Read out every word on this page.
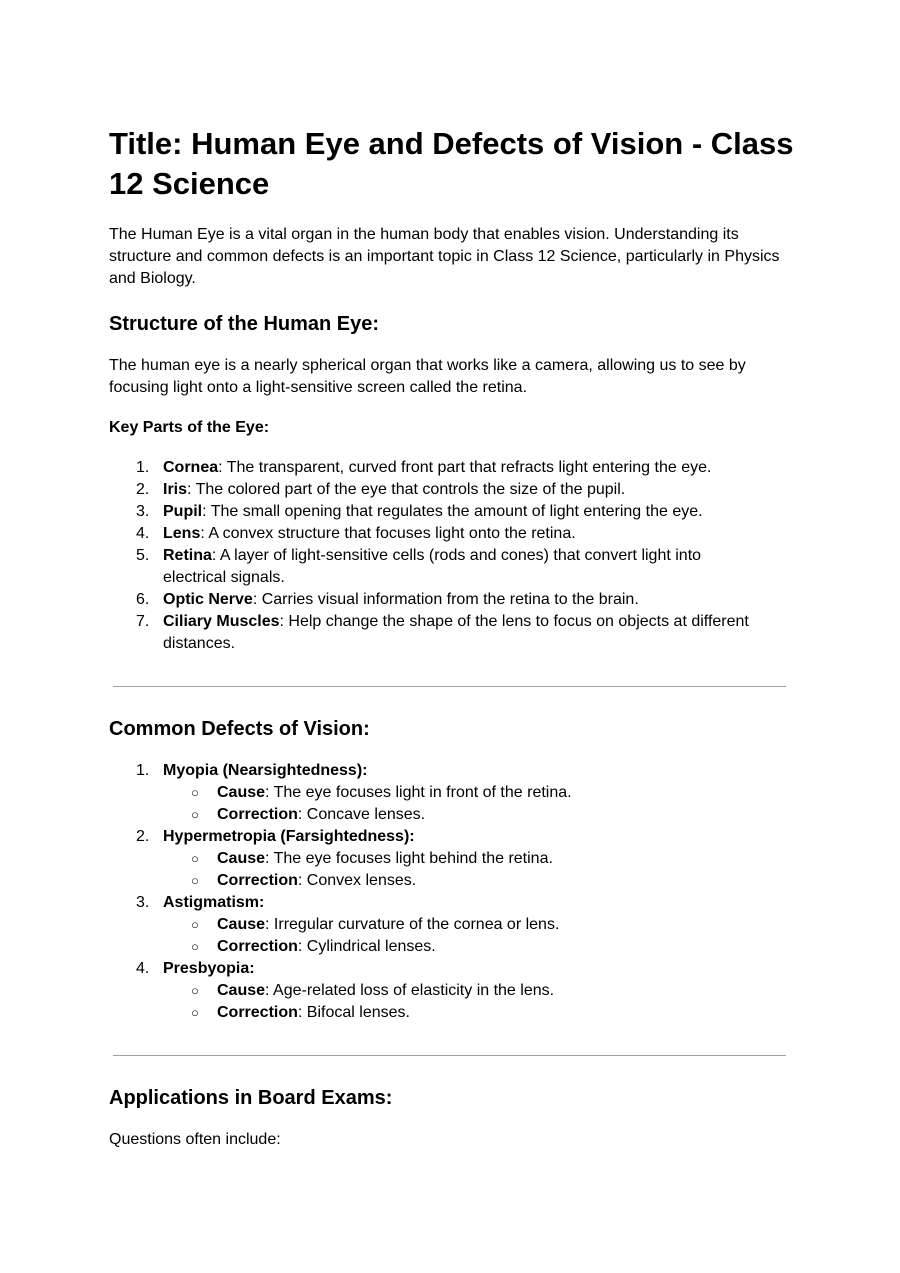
Title: Human Eye and Defects of Vision - Class 12 Science

The Human Eye is a vital organ in the human body that enables vision. Understanding its structure and common defects is an important topic in Class 12 Science, particularly in Physics and Biology.

Structure of the Human Eye:

The human eye is a nearly spherical organ that works like a camera, allowing us to see by focusing light onto a light-sensitive screen called the retina.

Key Parts of the Eye:
1. Cornea: The transparent, curved front part that refracts light entering the eye.
2. Iris: The colored part of the eye that controls the size of the pupil.
3. Pupil: The small opening that regulates the amount of light entering the eye.
4. Lens: A convex structure that focuses light onto the retina.
5. Retina: A layer of light-sensitive cells (rods and cones) that convert light into electrical signals.
6. Optic Nerve: Carries visual information from the retina to the brain.
7. Ciliary Muscles: Help change the shape of the lens to focus on objects at different distances.
Common Defects of Vision:
1. Myopia (Nearsightedness):
○ Cause: The eye focuses light in front of the retina.
○ Correction: Concave lenses.
2. Hypermetropia (Farsightedness):
○ Cause: The eye focuses light behind the retina.
○ Correction: Convex lenses.
3. Astigmatism:
○ Cause: Irregular curvature of the cornea or lens.
○ Correction: Cylindrical lenses.
4. Presbyopia:
○ Cause: Age-related loss of elasticity in the lens.
○ Correction: Bifocal lenses.
Applications in Board Exams:

Questions often include:
